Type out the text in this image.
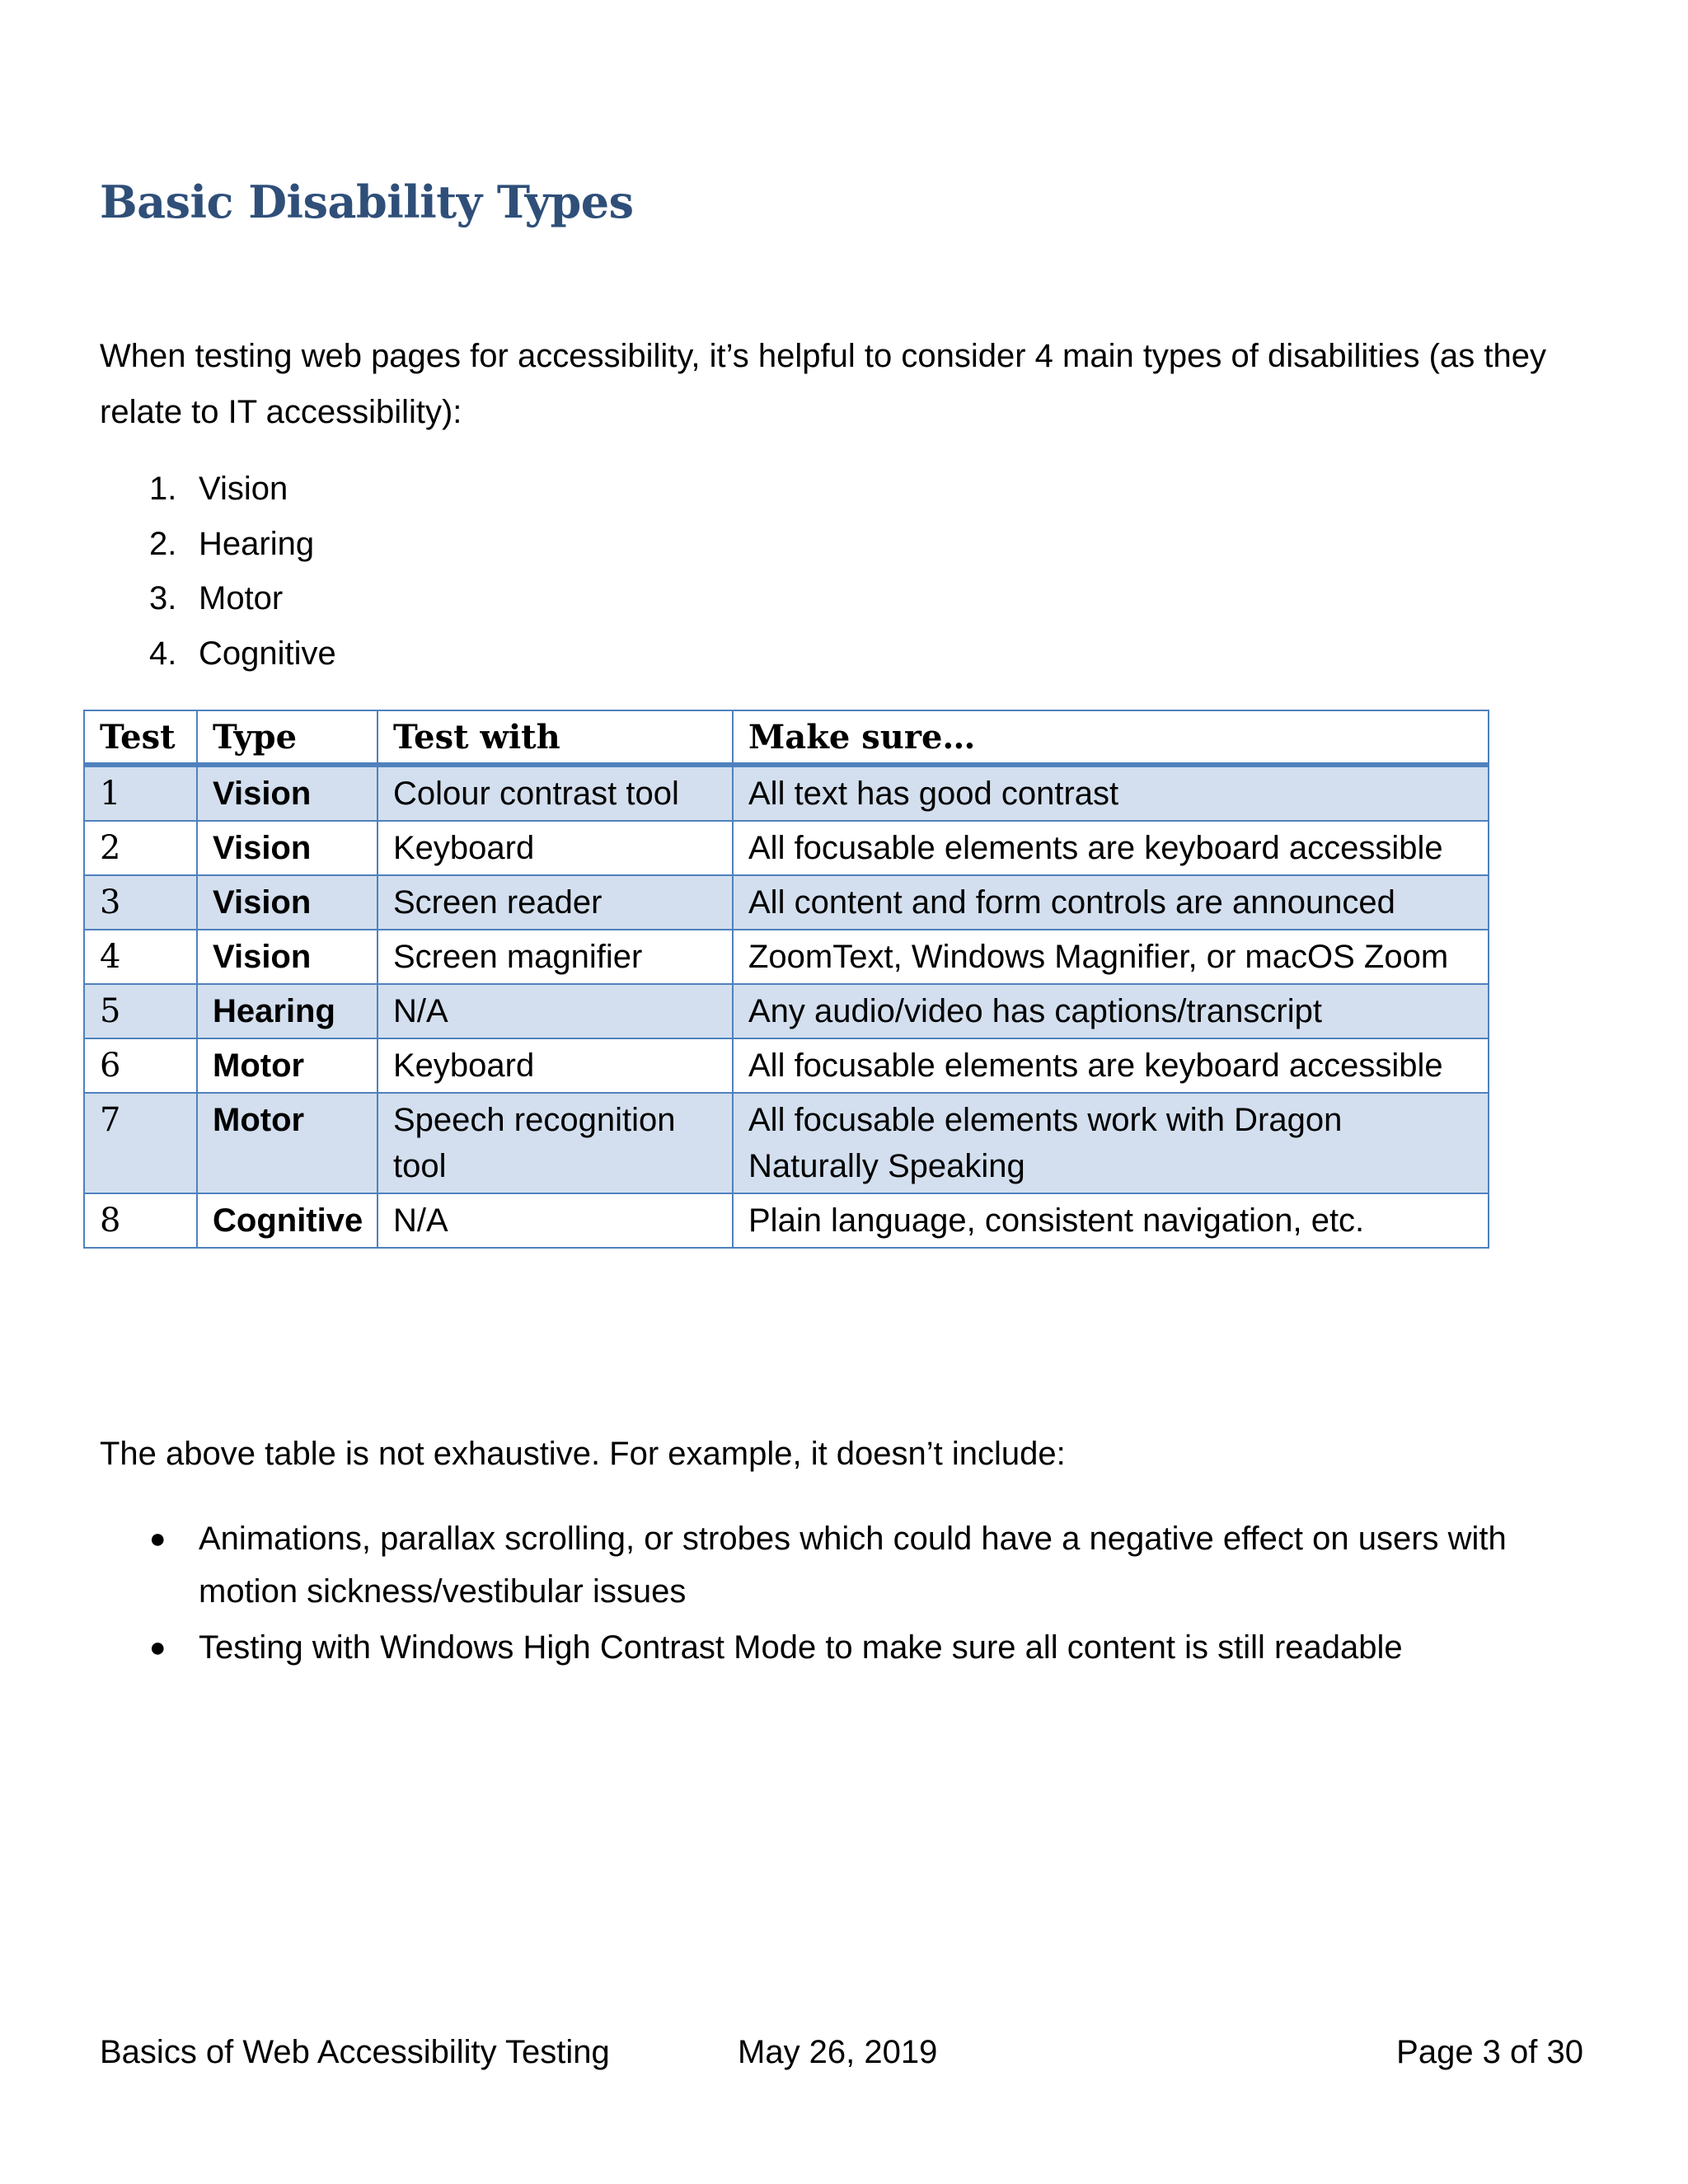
Basic Disability Types

When testing web pages for accessibility, it’s helpful to consider 4 main types of disabilities (as they relate to IT accessibility):

1. Vision
2. Hearing
3. Motor
4. Cognitive
Test	Type	Test with	Make sure…
1	Vision	Colour contrast tool	All text has good contrast
2	Vision	Keyboard	All focusable elements are keyboard accessible
3	Vision	Screen reader	All content and form controls are announced
4	Vision	Screen magnifier	ZoomText, Windows Magnifier, or macOS Zoom
5	Hearing	N/A	Any audio/video has captions/transcript
6	Motor	Keyboard	All focusable elements are keyboard accessible
7	Motor	Speech recognition tool	All focusable elements work with Dragon Naturally Speaking
8	Cognitive	N/A	Plain language, consistent navigation, etc.

The above table is not exhaustive. For example, it doesn’t include:

● Animations, parallax scrolling, or strobes which could have a negative effect on users with motion sickness/vestibular issues
● Testing with Windows High Contrast Mode to make sure all content is still readable
Basics of Web Accessibility Testing	May 26, 2019	Page 3 of 30
